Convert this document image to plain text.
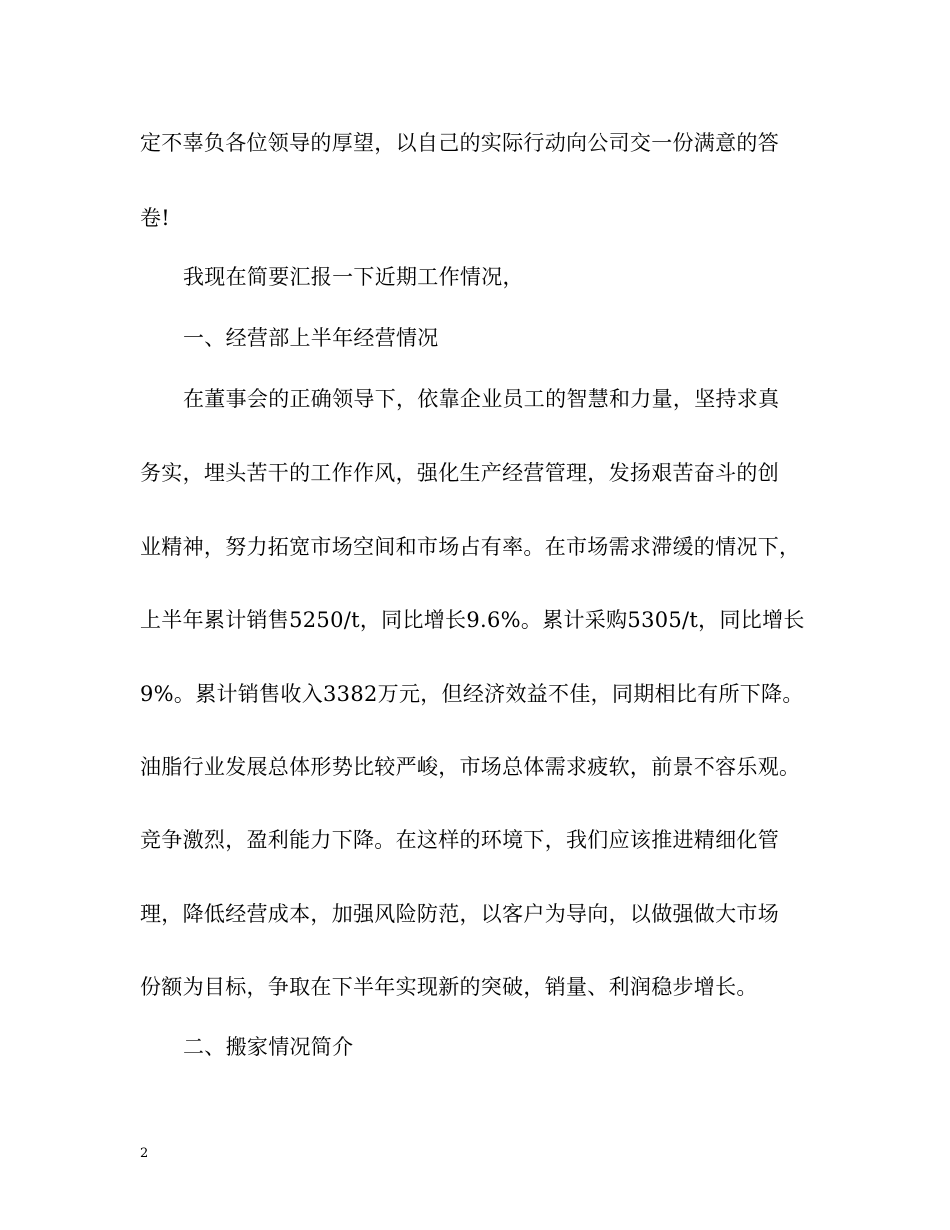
定不辜负各位领导的厚望，以自己的实际行动向公司交一份满意的答
卷!
我现在简要汇报一下近期工作情况，
一、经营部上半年经营情况
在董事会的正确领导下，依靠企业员工的智慧和力量，坚持求真
务实，埋头苦干的工作作风，强化生产经营管理，发扬艰苦奋斗的创
业精神，努力拓宽市场空间和市场占有率。在市场需求滞缓的情况下，
上半年累计销售5250/t，同比增长9.6%。累计采购5305/t，同比增长
9%。累计销售收入3382万元，但经济效益不佳，同期相比有所下降。
油脂行业发展总体形势比较严峻，市场总体需求疲软，前景不容乐观。
竞争激烈，盈利能力下降。在这样的环境下，我们应该推进精细化管
理，降低经营成本，加强风险防范，以客户为导向，以做强做大市场
份额为目标，争取在下半年实现新的突破，销量、利润稳步增长。
二、搬家情况简介
2
